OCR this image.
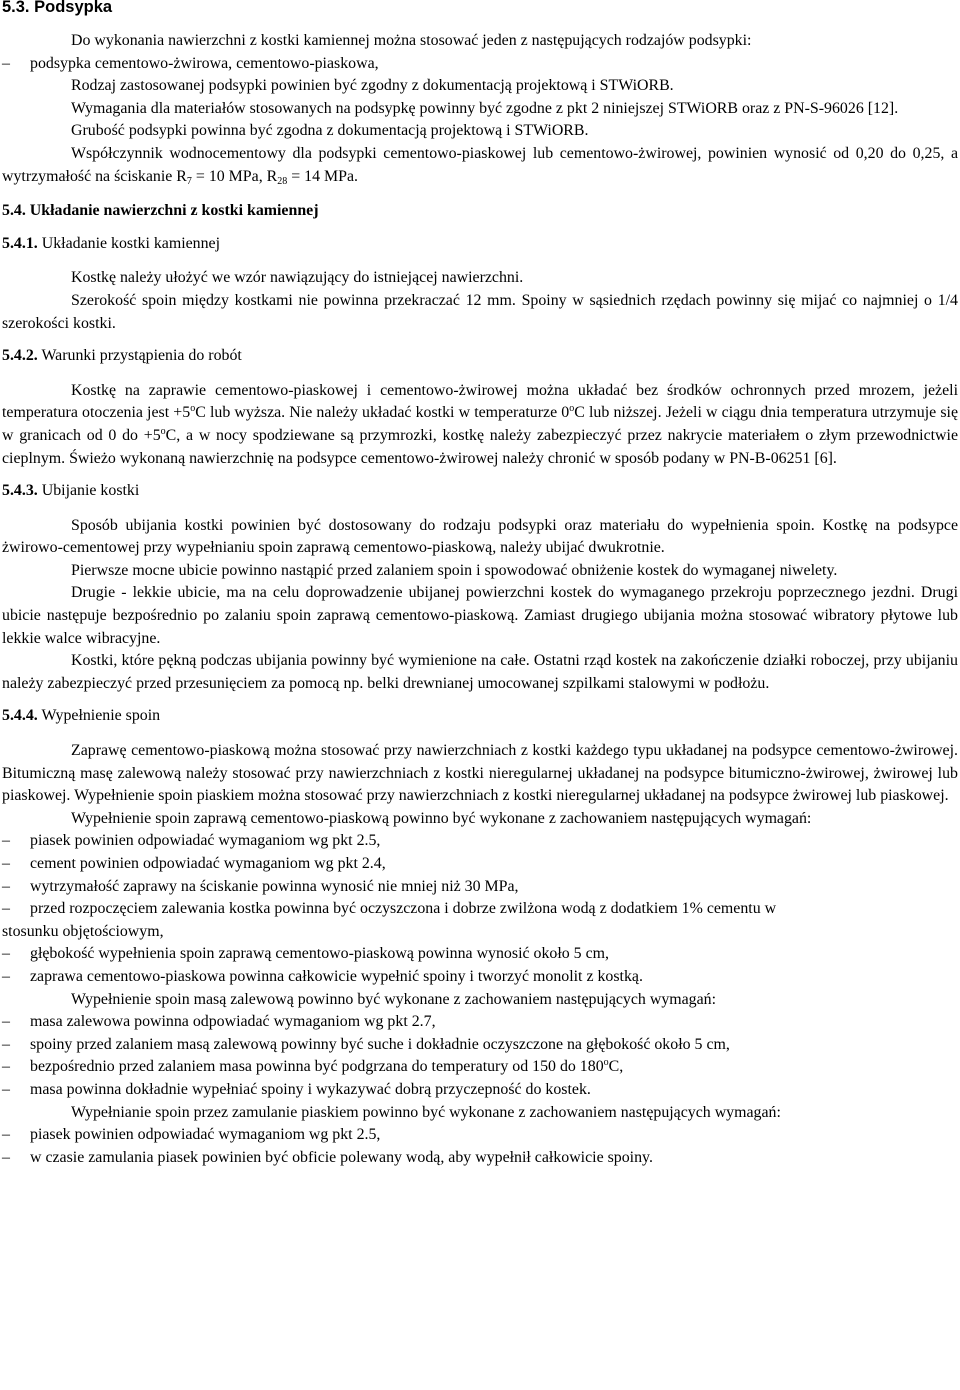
5.3. Podsypka

Do wykonania nawierzchni z kostki kamiennej można stosować jeden z następujących rodzajów podsypki:

–	podsypka cementowo-żwirowa, cementowo-piaskowa,

Rodzaj zastosowanej podsypki powinien być zgodny z dokumentacją projektową i STWiORB.

Wymagania dla materiałów stosowanych na podsypkę powinny być zgodne z pkt 2 niniejszej STWiORB oraz z PN-S-96026 [12].

Grubość podsypki powinna być zgodna z dokumentacją projektową i STWiORB.

Współczynnik wodnocementowy dla podsypki cementowo-piaskowej lub cementowo-żwirowej, powinien wynosić od 0,20 do 0,25, a wytrzymałość na ściskanie $R_7 = 10$ MPa, $R_{28} = 14$ MPa.

5.4. Układanie nawierzchni z kostki kamiennej
5.4.1. Układanie kostki kamiennej

Kostkę należy ułożyć we wzór nawiązujący do istniejącej nawierzchni.

Szerokość spoin między kostkami nie powinna przekraczać 12 mm. Spoiny w sąsiednich rzędach powinny się mijać co najmniej o 1/4 szerokości kostki.

5.4.2. Warunki przystąpienia do robót

Kostkę na zaprawie cementowo-piaskowej i cementowo-żwirowej można układać bez środków ochronnych przed mrozem, jeżeli temperatura otoczenia jest $+5^oC$ lub wyższa. Nie należy układać kostki w temperaturze 0$^o$C lub niższej. Jeżeli w ciągu dnia temperatura utrzymuje się w granicach od 0 do $+5^oC$, a w nocy spodziewane są przymrozki, kostkę należy zabezpieczyć przez nakrycie materiałem o złym przewodnictwie cieplnym. Świeżo wykonaną nawierzchnię na podsypce cementowo-żwirowej należy chronić w sposób podany w PN-B-06251 [6].

5.4.3. Ubijanie kostki

Sposób ubijania kostki powinien być dostosowany do rodzaju podsypki oraz materiału do wypełnienia spoin. Kostkę na podsypce żwirowo-cementowej przy wypełnianiu spoin zaprawą cementowo-piaskową, należy ubijać dwukrotnie.

Pierwsze mocne ubicie powinno nastąpić przed zalaniem spoin i spowodować obniżenie kostek do wymaganej niwelety.

Drugie - lekkie ubicie, ma na celu doprowadzenie ubijanej powierzchni kostek do wymaganego przekroju poprzecznego jezdni. Drugi ubicie następuje bezpośrednio po zalaniu spoin zaprawą cementowo-piaskową. Zamiast drugiego ubijania można stosować wibratory płytowe lub lekkie walce wibracyjne.

Kostki, które pękną podczas ubijania powinny być wymienione na całe. Ostatni rząd kostek na zakończenie działki roboczej, przy ubijaniu należy zabezpieczyć przed przesunięciem za pomocą np. belki drewnianej umocowanej szpilkami stalowymi w podłożu.

5.4.4. Wypełnienie spoin

Zaprawę cementowo-piaskową można stosować przy nawierzchniach z kostki każdego typu układanej na podsypce cementowo-żwirowej. Bitumiczną masę zalewową należy stosować przy nawierzchniach z kostki nieregularnej układanej na podsypce bitumiczno-żwirowej, żwirowej lub piaskowej. Wypełnienie spoin piaskiem można stosować przy nawierzchniach z kostki nieregularnej układanej na podsypce żwirowej lub piaskowej.

Wypełnienie spoin zaprawą cementowo-piaskową powinno być wykonane z zachowaniem następujących wymagań:

–	piasek powinien odpowiadać wymaganiom wg pkt 2.5,
–	cement powinien odpowiadać wymaganiom wg pkt 2.4,
–	wytrzymałość zaprawy na ściskanie powinna wynosić nie mniej niż 30 MPa,
–	przed rozpoczęciem zalewania kostka powinna być oczyszczona i dobrze zwilżona wodą z dodatkiem 1% cementu w
stosunku objętościowym,
–	głębokość wypełnienia spoin zaprawą cementowo-piaskową powinna wynosić około 5 cm,
–	zaprawa cementowo-piaskowa powinna całkowicie wypełnić spoiny i tworzyć monolit z kostką.

Wypełnienie spoin masą zalewową powinno być wykonane z zachowaniem następujących wymagań:

–	masa zalewowa powinna odpowiadać wymaganiom wg pkt 2.7,
–	spoiny przed zalaniem masą zalewową powinny być suche i dokładnie oczyszczone na głębokość około 5 cm,
–	bezpośrednio przed zalaniem masa powinna być podgrzana do temperatury od 150 do 180$^o$C,
–	masa powinna dokładnie wypełniać spoiny i wykazywać dobrą przyczepność do kostek.

Wypełnianie spoin przez zamulanie piaskiem powinno być wykonane z zachowaniem następujących wymagań:

–	piasek powinien odpowiadać wymaganiom wg pkt 2.5,
–	w czasie zamulania piasek powinien być obficie polewany wodą, aby wypełnił całkowicie spoiny.
